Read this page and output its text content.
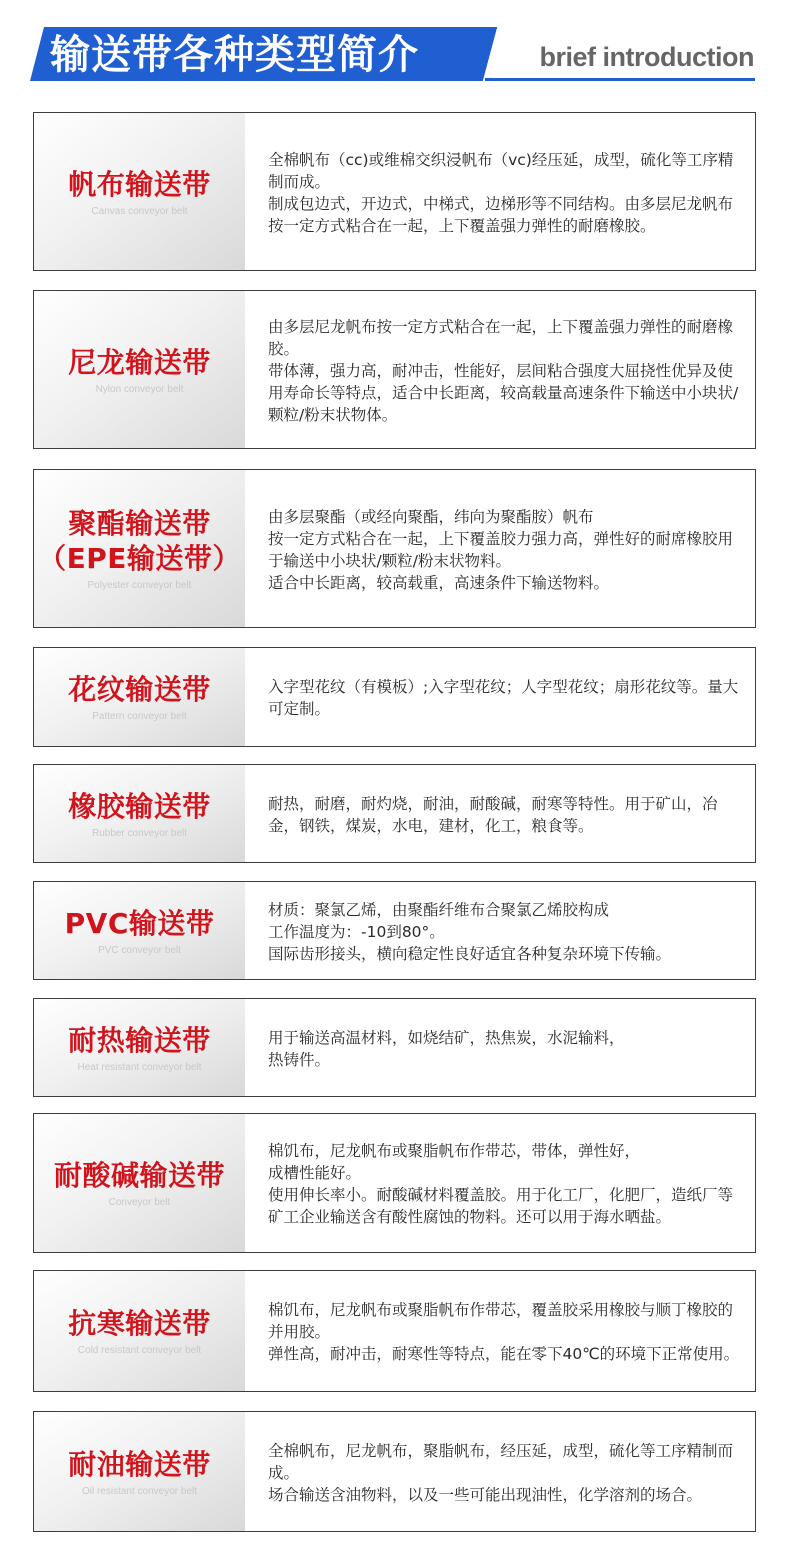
输送带各种类型简介	brief introduction
帆布输送带
Canvas conveyor belt
全棉帆布（cc)或维棉交织浸帆布（vc)经压延，成型，硫化等工序精制而成。
制成包边式，开边式，中梯式，边梯形等不同结构。由多层尼龙帆布按一定方式粘合在一起，上下覆盖强力弹性的耐磨橡胶。
尼龙输送带
Nylon conveyor belt
由多层尼龙帆布按一定方式粘合在一起，上下覆盖强力弹性的耐磨橡胶。
带体薄，强力高，耐冲击，性能好，层间粘合强度大屈挠性优异及使用寿命长等特点，适合中长距离，较高载量高速条件下输送中小块状/颗粒/粉末状物体。
聚酯输送带
（EPE输送带）
Polyester conveyor belt
由多层聚酯（或经向聚酯，纬向为聚酯胺）帆布
按一定方式粘合在一起，上下覆盖胶力强力高，弹性好的耐席橡胶用于输送中小块状/颗粒/粉末状物料。
适合中长距离，较高载重，高速条件下输送物料。
花纹输送带
Pattern conveyor belt
入字型花纹（有模板）;入字型花纹；人字型花纹；扇形花纹等。量大可定制。
橡胶输送带
Rubber conveyor belt
耐热，耐磨，耐灼烧，耐油，耐酸碱，耐寒等特性。用于矿山，冶金，钢铁，煤炭，水电，建材，化工，粮食等。
PVC输送带
PVC conveyor belt
材质：聚氯乙烯，由聚酯纤维布合聚氯乙烯胶构成
工作温度为：-10到80°。
国际齿形接头，横向稳定性良好适宜各种复杂环境下传输。
耐热输送带
Heat resistant conveyor belt
用于输送高温材料，如烧结矿，热焦炭，水泥输料，
热铸件。
耐酸碱输送带
Conveyor belt
棉饥布，尼龙帆布或聚脂帆布作带芯，带体，弹性好，
成槽性能好。
使用伸长率小。耐酸碱材料覆盖胶。用于化工厂，化肥厂，造纸厂等矿工企业输送含有酸性腐蚀的物料。还可以用于海水晒盐。
抗寒输送带
Cold resistant conveyor belt
棉饥布，尼龙帆布或聚脂帆布作带芯，覆盖胶采用橡胶与顺丁橡胶的并用胶。
弹性高，耐冲击，耐寒性等特点，能在零下40℃的环境下正常使用。
耐油输送带
Oil resistant conveyor belt
全棉帆布，尼龙帆布，聚脂帆布，经压延，成型，硫化等工序精制而成。
场合输送含油物料，以及一些可能出现油性，化学溶剂的场合。
